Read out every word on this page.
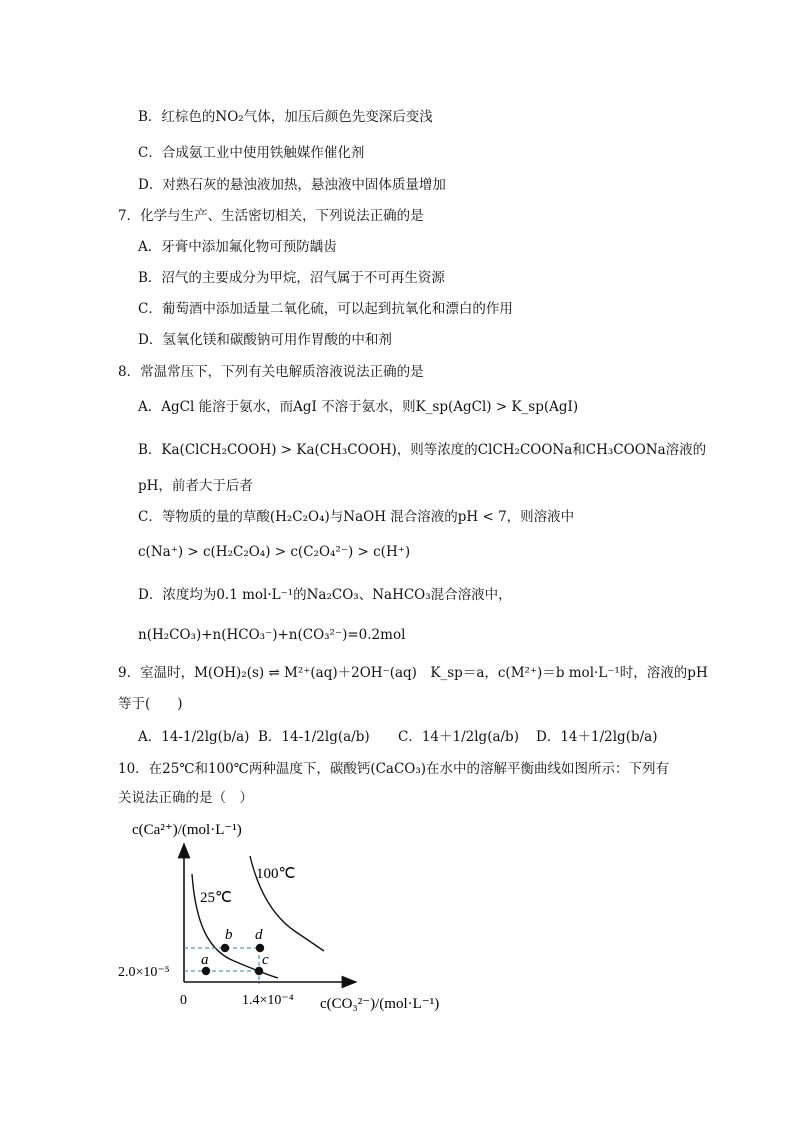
B．红棕色的NO₂气体，加压后颜色先变深后变浅
C．合成氨工业中使用铁触媒作催化剂
D．对熟石灰的悬浊液加热，悬浊液中固体质量增加
7．化学与生产、生活密切相关，下列说法正确的是
A．牙膏中添加氟化物可预防龋齿
B．沼气的主要成分为甲烷，沼气属于不可再生资源
C．葡萄酒中添加适量二氧化硫，可以起到抗氧化和漂白的作用
D．氢氧化镁和碳酸钠可用作胃酸的中和剂
8．常温常压下，下列有关电解质溶液说法正确的是
A．AgCl 能溶于氨水，而AgI 不溶于氨水，则K_sp(AgCl) > K_sp(AgI)
B．Ka(ClCH₂COOH) > Ka(CH₃COOH)，则等浓度的ClCH₂COONa和CH₃COONa溶液的
pH，前者大于后者
C．等物质的量的草酸(H₂C₂O₄)与NaOH 混合溶液的pH < 7，则溶液中
c(Na⁺) > c(H₂C₂O₄) > c(C₂O₄²⁻) > c(H⁺)
D．浓度均为0.1 mol·L⁻¹的Na₂CO₃、NaHCO₃混合溶液中，
n(H₂CO₃)+n(HCO₃⁻)+n(CO₃²⁻)=0.2mol
9．室温时，M(OH)₂(s) ⇌ M²⁺(aq)＋2OH⁻(aq)　K_sp＝a，c(M²⁺)＝b mol·L⁻¹时，溶液的pH
等于(　　)
A．14-1/2lg(b/a) B．14-1/2lg(a/b) C．14＋1/2lg(a/b) D．14＋1/2lg(b/a)
10．在25℃和100℃两种温度下，碳酸钙(CaCO₃)在水中的溶解平衡曲线如图所示：下列有
关说法正确的是（　）
c(Ca²⁺)/(mol·L⁻¹)
a
b
c
d
25℃
100℃
2.0×10⁻⁵
0	1.4×10⁻⁴ c(CO₃²⁻)/(mol·L⁻¹)
